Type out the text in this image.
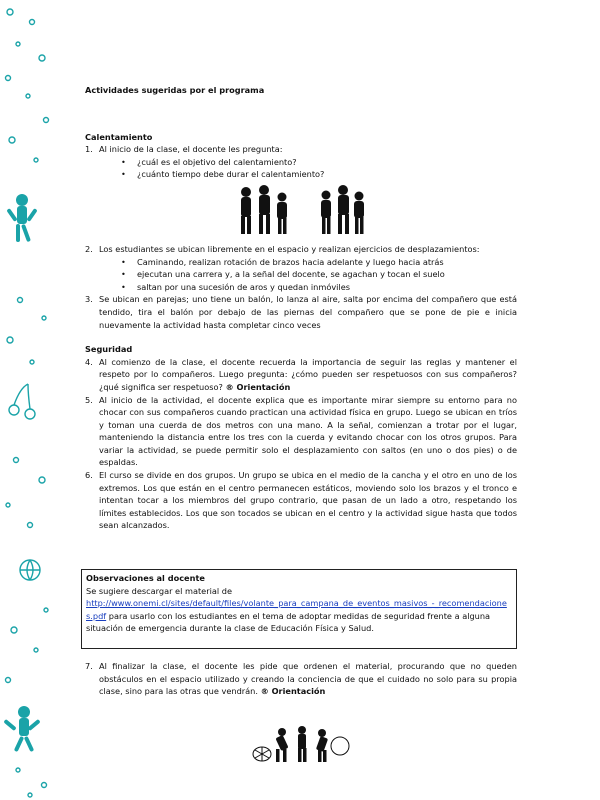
Actividades sugeridas por el programa
Calentamiento
1. Al inicio de la clase, el docente les pregunta:
• ¿cuál es el objetivo del calentamiento?
• ¿cuánto tiempo debe durar el calentamiento?
2. Los estudiantes se ubican libremente en el espacio y realizan ejercicios de desplazamientos:
• Caminando, realizan rotación de brazos hacia adelante y luego hacia atrás
• ejecutan una carrera y, a la señal del docente, se agachan y tocan el suelo
• saltan por una sucesión de aros y quedan inmóviles
3. Se ubican en parejas; uno tiene un balón, lo lanza al aire, salta por encima del compañero que está tendido, tira el balón por debajo de las piernas del compañero que se pone de pie e inicia nuevamente la actividad hasta completar cinco veces
Seguridad
4. Al comienzo de la clase, el docente recuerda la importancia de seguir las reglas y mantener el respeto por lo compañeros. Luego pregunta: ¿cómo pueden ser respetuosos con sus compañeros? ¿qué significa ser respetuoso? ® Orientación
5. Al inicio de la actividad, el docente explica que es importante mirar siempre su entorno para no chocar con sus compañeros cuando practican una actividad física en grupo. Luego se ubican en tríos y toman una cuerda de dos metros con una mano. A la señal, comienzan a trotar por el lugar, manteniendo la distancia entre los tres con la cuerda y evitando chocar con los otros grupos. Para variar la actividad, se puede permitir solo el desplazamiento con saltos (en uno o dos pies) o de espaldas.
6. El curso se divide en dos grupos. Un grupo se ubica en el medio de la cancha y el otro en uno de los extremos. Los que están en el centro permanecen estáticos, moviendo solo los brazos y el tronco e intentan tocar a los miembros del grupo contrario, que pasan de un lado a otro, respetando los límites establecidos. Los que son tocados se ubican en el centro y la actividad sigue hasta que todos sean alcanzados.
Observaciones al docente
Se sugiere descargar el material de
http://www.onemi.cl/sites/default/files/volante_para_campana_de_eventos_masivos_-_recomendaciones.pdf para usarlo con los estudiantes en el tema de adoptar medidas de seguridad frente a alguna situación de emergencia durante la clase de Educación Física y Salud.
7. Al finalizar la clase, el docente les pide que ordenen el material, procurando que no queden obstáculos en el espacio utilizado y creando la conciencia de que el cuidado no solo para su propia clase, sino para las otras que vendrán. ® Orientación
